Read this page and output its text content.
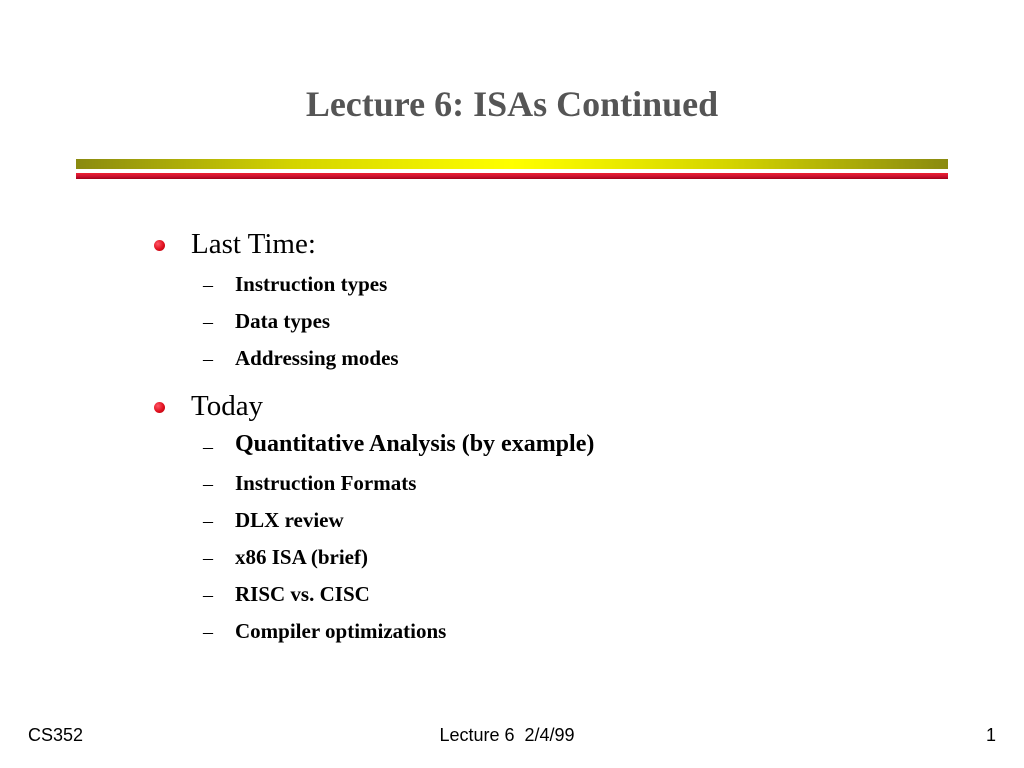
Lecture 6: ISAs Continued
Last Time:
– Instruction types
– Data types
– Addressing modes
Today
– Quantitative Analysis (by example)
– Instruction Formats
– DLX review
– x86 ISA (brief)
– RISC vs. CISC
– Compiler optimizations
CS352	Lecture 6  2/4/99	1
